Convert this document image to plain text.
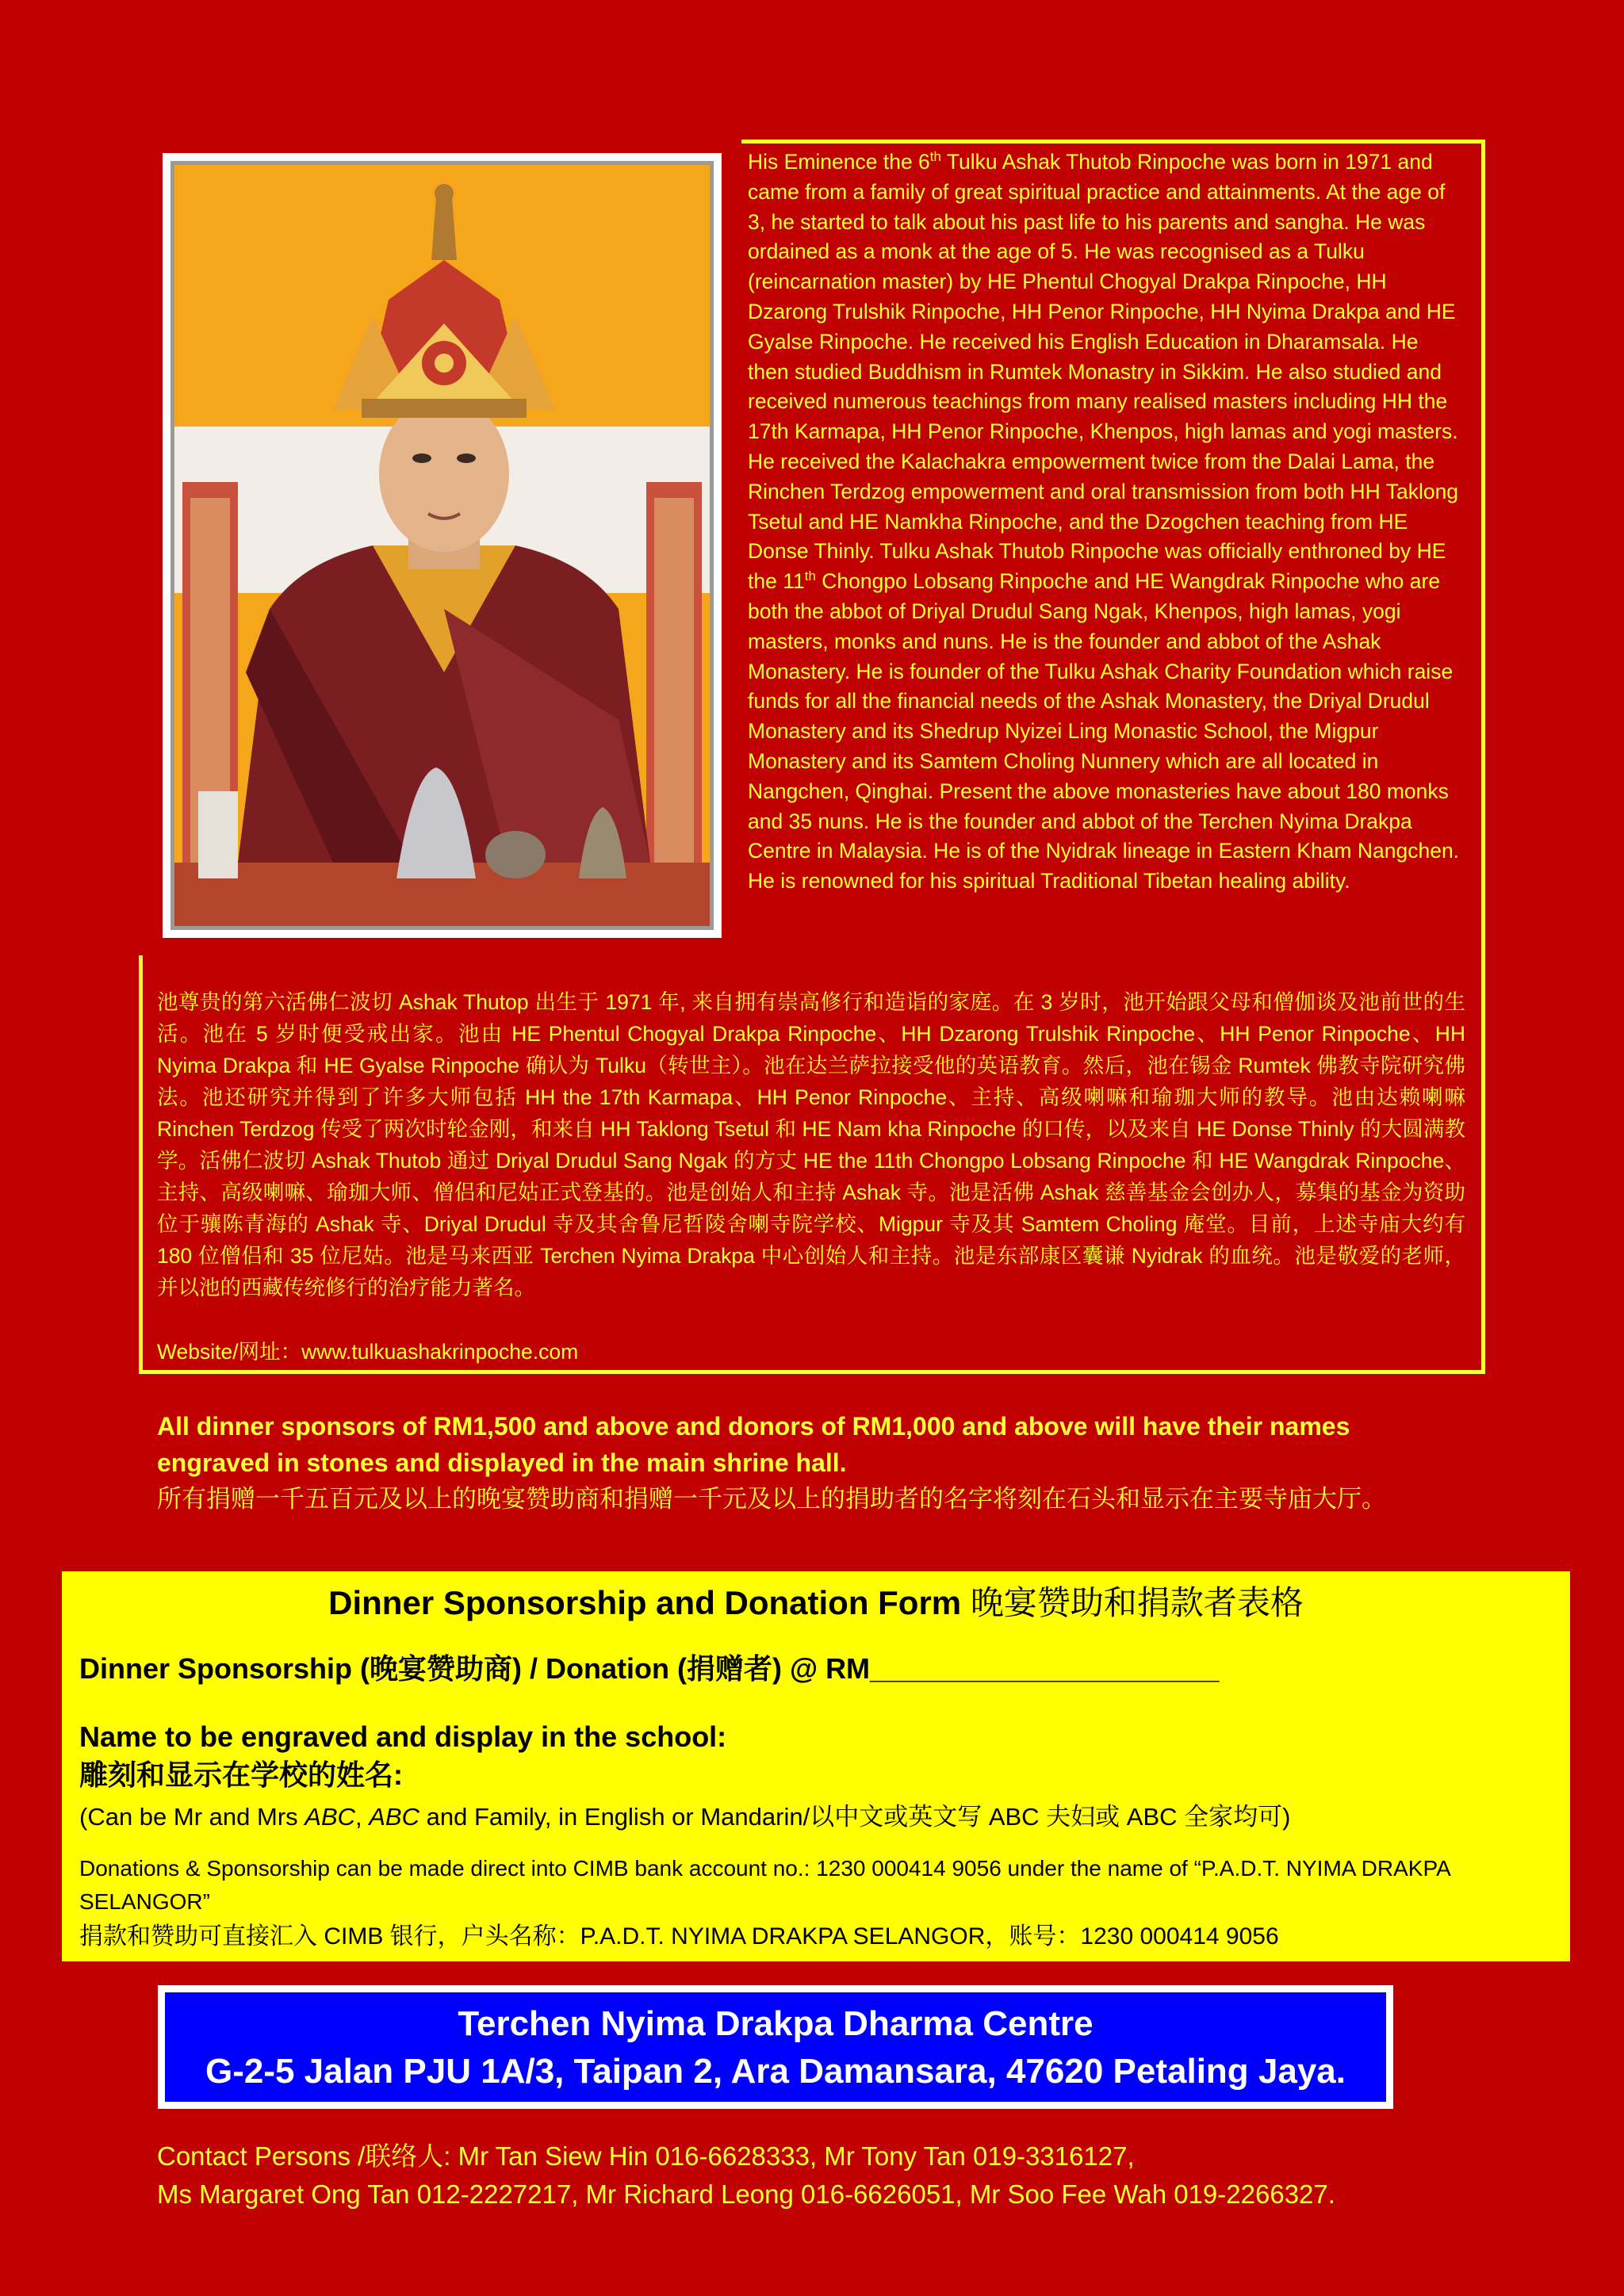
His Eminence the 6th Tulku Ashak Thutob Rinpoche was born in 1971 and came from a family of great spiritual practice and attainments. At the age of 3, he started to talk about his past life to his parents and sangha. He was ordained as a monk at the age of 5. He was recognised as a Tulku (reincarnation master) by HE Phentul Chogyal Drakpa Rinpoche, HH Dzarong Trulshik Rinpoche, HH Penor Rinpoche, HH Nyima Drakpa and HE Gyalse Rinpoche. He received his English Education in Dharamsala. He then studied Buddhism in Rumtek Monastry in Sikkim. He also studied and received numerous teachings from many realised masters including HH the 17th Karmapa, HH Penor Rinpoche, Khenpos, high lamas and yogi masters. He received the Kalachakra empowerment twice from the Dalai Lama, the Rinchen Terdzog empowerment and oral transmission from both HH Taklong Tsetul and HE Namkha Rinpoche, and the Dzogchen teaching from HE Donse Thinly. Tulku Ashak Thutob Rinpoche was officially enthroned by HE the 11th Chongpo Lobsang Rinpoche and HE Wangdrak Rinpoche who are both the abbot of Driyal Drudul Sang Ngak, Khenpos, high lamas, yogi masters, monks and nuns. He is the founder and abbot of the Ashak Monastery. He is founder of the Tulku Ashak Charity Foundation which raise funds for all the financial needs of the Ashak Monastery, the Driyal Drudul Monastery and its Shedrup Nyizei Ling Monastic School, the Migpur Monastery and its Samtem Choling Nunnery which are all located in Nangchen, Qinghai. Present the above monasteries have about 180 monks and 35 nuns. He is the founder and abbot of the Terchen Nyima Drakpa Centre in Malaysia. He is of the Nyidrak lineage in Eastern Kham Nangchen. He is renowned for his spiritual Traditional Tibetan healing ability.
池尊贵的第六活佛仁波切 Ashak Thutop 出生于 1971 年, 来自拥有崇高修行和造诣的家庭。在 3 岁时，池开始跟父母和僧伽谈及池前世的生活。池在 5 岁时便受戒出家。池由 HE Phentul Chogyal Drakpa Rinpoche、HH Dzarong Trulshik Rinpoche、HH Penor Rinpoche、HH Nyima Drakpa 和 HE Gyalse Rinpoche 确认为 Tulku（转世主）。池在达兰萨拉接受他的英语教育。然后，池在锡金 Rumtek 佛教寺院研究佛法。池还研究并得到了许多大师包括 HH the 17th Karmapa、HH Penor Rinpoche、主持、高级喇嘛和瑜珈大师的教导。池由达赖喇嘛 Rinchen Terdzog 传受了两次时轮金刚，和来自 HH Taklong Tsetul 和 HE Nam kha Rinpoche 的口传，以及来自 HE Donse Thinly 的大圆满教学。活佛仁波切 Ashak Thutob 通过 Driyal Drudul Sang Ngak 的方丈 HE the 11th Chongpo Lobsang Rinpoche 和 HE Wangdrak Rinpoche、主持、高级喇嘛、瑜珈大师、僧侣和尼姑正式登基的。池是创始人和主持 Ashak 寺。池是活佛 Ashak 慈善基金会创办人，募集的基金为资助位于骧陈青海的 Ashak 寺、Driyal Drudul 寺及其舍鲁尼哲陵舍喇寺院学校、Migpur 寺及其 Samtem Choling 庵堂。目前，上述寺庙大约有 180 位僧侣和 35 位尼姑。池是马来西亚 Terchen Nyima Drakpa 中心创始人和主持。池是东部康区囊谦 Nyidrak 的血统。池是敬爱的老师，并以池的西藏传统修行的治疗能力著名。
Website/网址：www.tulkuashakrinpoche.com
All dinner sponsors of RM1,500 and above and donors of RM1,000 and above will have their names engraved in stones and displayed in the main shrine hall.
所有捐赠一千五百元及以上的晚宴赞助商和捐赠一千元及以上的捐助者的名字将刻在石头和显示在主要寺庙大厅。
Dinner Sponsorship and Donation Form 晚宴赞助和捐款者表格
Dinner Sponsorship (晚宴赞助商) / Donation (捐赠者) @ RM______________________
Name to be engraved and display in the school:
雕刻和显示在学校的姓名:
(Can be Mr and Mrs ABC, ABC and Family, in English or Mandarin/以中文或英文写 ABC 夫妇或 ABC 全家均可)
Donations & Sponsorship can be made direct into CIMB bank account no.: 1230 000414 9056 under the name of “P.A.D.T. NYIMA DRAKPA SELANGOR”
捐款和赞助可直接汇入 CIMB 银行，户头名称：P.A.D.T. NYIMA DRAKPA SELANGOR，账号：1230 000414 9056
Terchen Nyima Drakpa Dharma Centre
G-2-5 Jalan PJU 1A/3, Taipan 2, Ara Damansara, 47620 Petaling Jaya.
Contact Persons /联络人: Mr Tan Siew Hin 016-6628333, Mr Tony Tan 019-3316127,
Ms Margaret Ong Tan 012-2227217, Mr Richard Leong 016-6626051, Mr Soo Fee Wah 019-2266327.
